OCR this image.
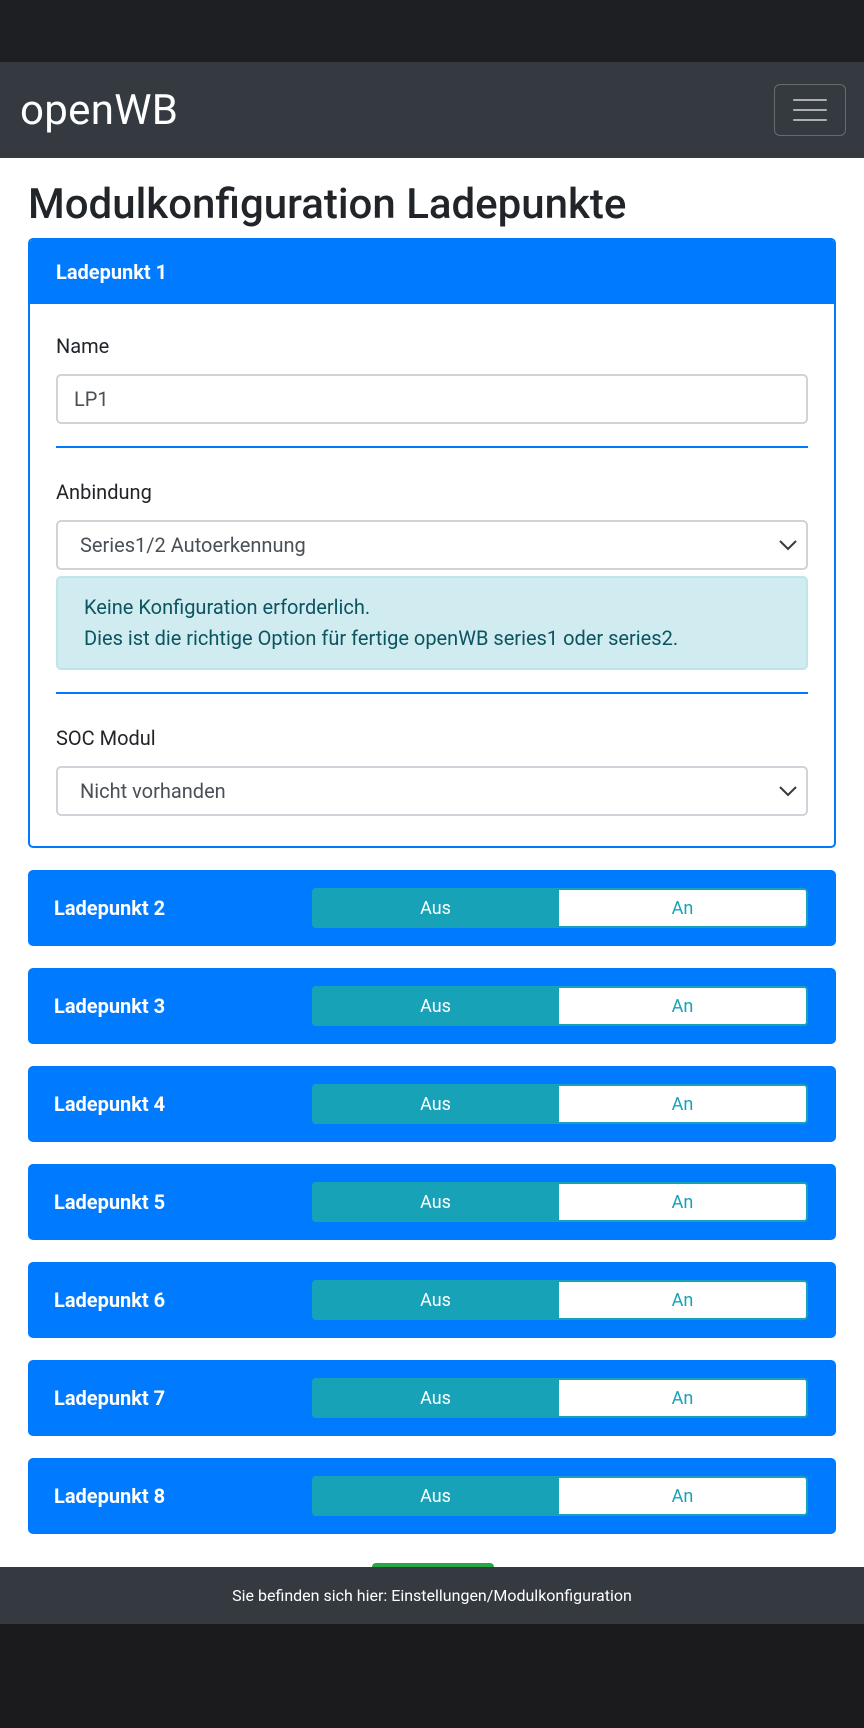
openWB
Modulkonfiguration Ladepunkte
Ladepunkt 1
Name
LP1
Anbindung
Series1/2 Autoerkennung
Keine Konfiguration erforderlich.
Dies ist die richtige Option für fertige openWB series1 oder series2.
SOC Modul
Nicht vorhanden
Ladepunkt 2	Aus	An
Ladepunkt 3	Aus	An
Ladepunkt 4	Aus	An
Ladepunkt 5	Aus	An
Ladepunkt 6	Aus	An
Ladepunkt 7	Aus	An
Ladepunkt 8	Aus	An
Sie befinden sich hier: Einstellungen/Modulkonfiguration
